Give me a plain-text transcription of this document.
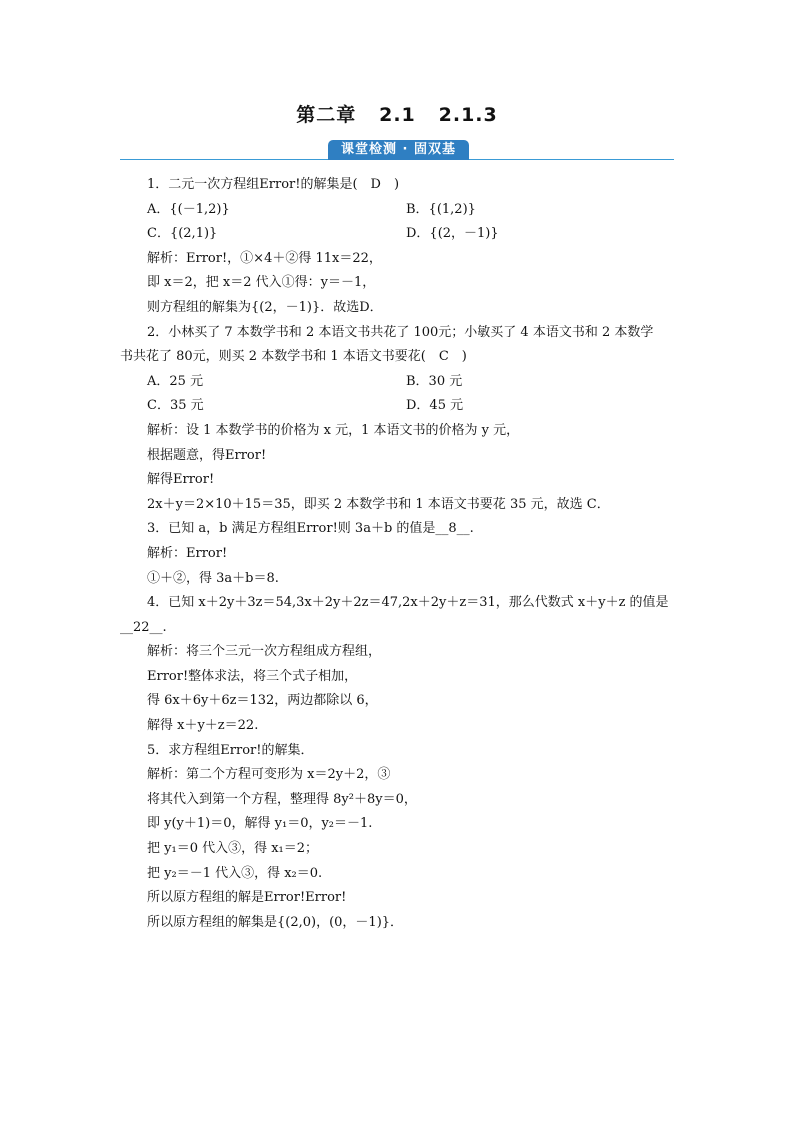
第二章 2.1 2.1.3
课堂检测 · 固双基
1．二元一次方程组Error!的解集是(　D　)
A．{(－1,2)}	B．{(1,2)}
C．{(2,1)}	D．{(2，－1)}
解析：Error!，①×4＋②得 11x＝22，
即 x＝2，把 x＝2 代入①得：y＝－1，
则方程组的解集为{(2，－1)}．故选D．
2．小林买了 7 本数学书和 2 本语文书共花了 100元；小敏买了 4 本语文书和 2 本数学
书共花了 80元，则买 2 本数学书和 1 本语文书要花(　C　)
A．25 元	B．30 元
C．35 元	D．45 元
解析：设 1 本数学书的价格为 x 元，1 本语文书的价格为 y 元，
根据题意，得Error!
解得Error!
2x＋y＝2×10＋15＝35，即买 2 本数学书和 1 本语文书要花 35 元，故选 C．
3．已知 a，b 满足方程组Error!则 3a＋b 的值是__8__.
解析：Error!
①＋②，得 3a＋b＝8.
4．已知 x＋2y＋3z＝54,3x＋2y＋2z＝47,2x＋2y＋z＝31，那么代数式 x＋y＋z 的值是
__22__.
解析：将三个三元一次方程组成方程组，
Error!整体求法，将三个式子相加，
得 6x＋6y＋6z＝132，两边都除以 6，
解得 x＋y＋z＝22.
5．求方程组Error!的解集．
解析：第二个方程可变形为 x＝2y＋2，③
将其代入到第一个方程，整理得 8y²＋8y＝0，
即 y(y＋1)＝0，解得 y₁＝0，y₂＝－1.
把 y₁＝0 代入③，得 x₁＝2；
把 y₂＝－1 代入③，得 x₂＝0.
所以原方程组的解是Error!Error!
所以原方程组的解集是{(2,0)，(0，－1)}．
